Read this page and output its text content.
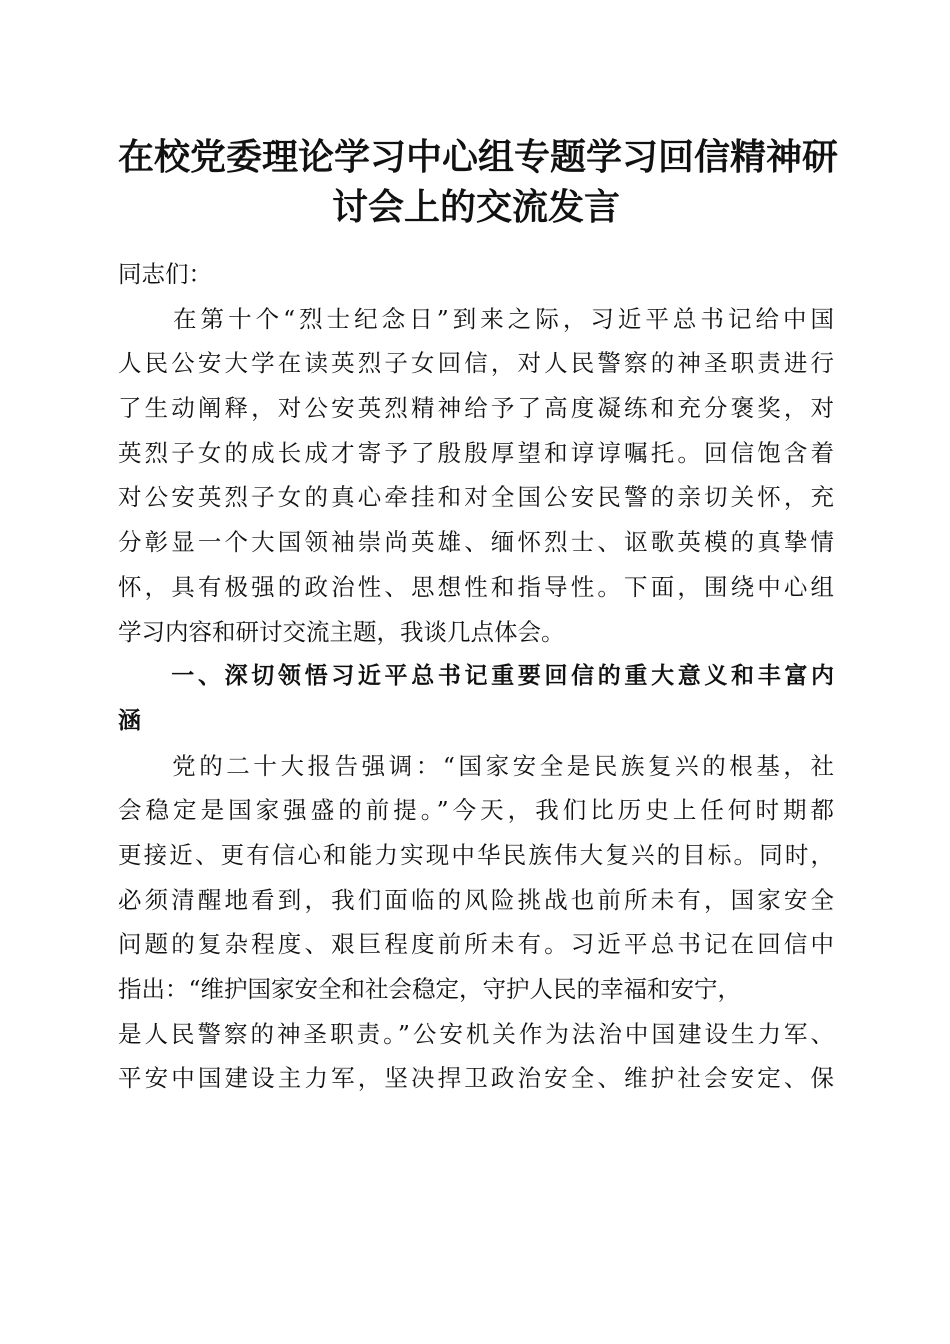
在校党委理论学习中心组专题学习回信精神研
讨会上的交流发言
同志们：
　　在第十个“烈士纪念日”到来之际，习近平总书记给中国
人民公安大学在读英烈子女回信，对人民警察的神圣职责进行
了生动阐释，对公安英烈精神给予了高度凝练和充分褒奖，对
英烈子女的成长成才寄予了殷殷厚望和谆谆嘱托。回信饱含着
对公安英烈子女的真心牵挂和对全国公安民警的亲切关怀，充
分彰显一个大国领袖崇尚英雄、缅怀烈士、讴歌英模的真挚情
怀，具有极强的政治性、思想性和指导性。下面，围绕中心组
学习内容和研讨交流主题，我谈几点体会。
　　一、深切领悟习近平总书记重要回信的重大意义和丰富内
涵
　　党的二十大报告强调：“国家安全是民族复兴的根基，社
会稳定是国家强盛的前提。”今天，我们比历史上任何时期都
更接近、更有信心和能力实现中华民族伟大复兴的目标。同时，
必须清醒地看到，我们面临的风险挑战也前所未有，国家安全
问题的复杂程度、艰巨程度前所未有。习近平总书记在回信中
指出：“维护国家安全和社会稳定，守护人民的幸福和安宁，
是人民警察的神圣职责。”公安机关作为法治中国建设生力军、
平安中国建设主力军，坚决捍卫政治安全、维护社会安定、保
